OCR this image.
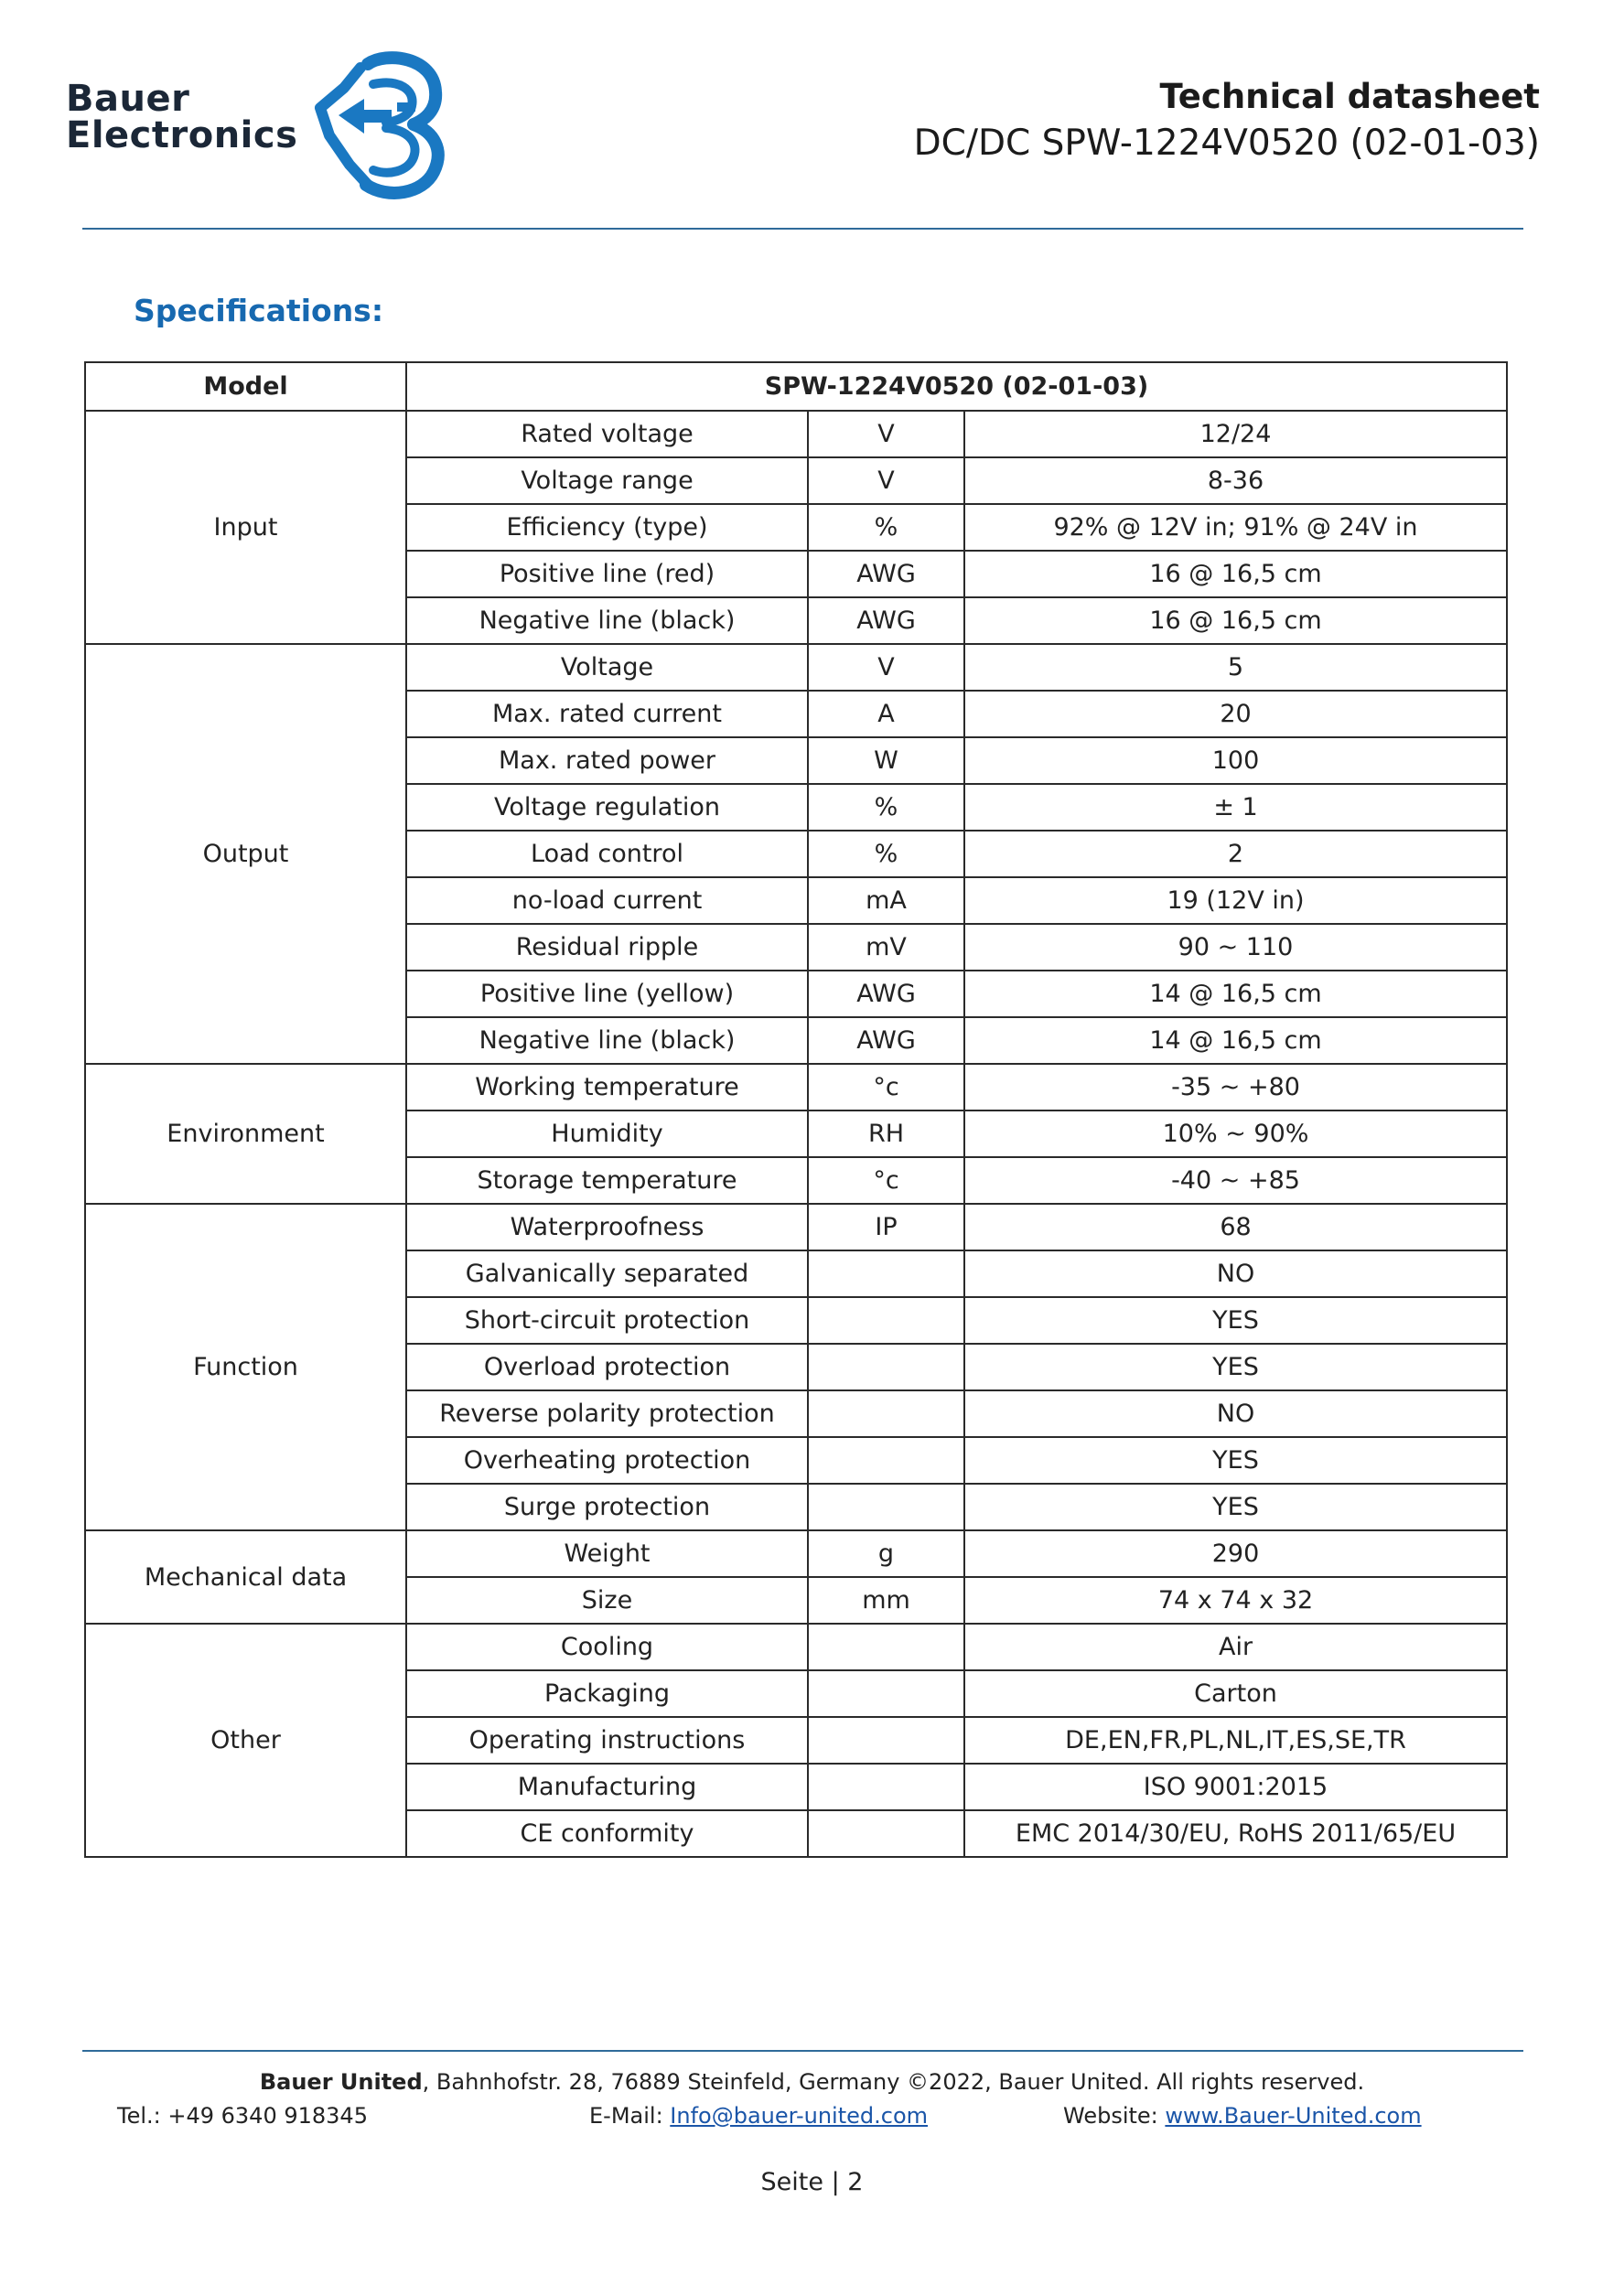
Bauer
Electronics
Technical datasheet
DC/DC SPW-1224V0520 (02-01-03)
Specifications:
Model	SPW-1224V0520 (02-01-03)		
Input	Rated voltage	V	12/24
	Voltage range	V	8-36
	Efficiency (type)	%	92% @ 12V in; 91% @ 24V in
	Positive line (red)	AWG	16 @ 16,5 cm
	Negative line (black)	AWG	16 @ 16,5 cm
Output	Voltage	V	5
	Max. rated current	A	20
	Max. rated power	W	100
	Voltage regulation	%	± 1
	Load control	%	2
	no-load current	mA	19 (12V in)
	Residual ripple	mV	90 ~ 110
	Positive line (yellow)	AWG	14 @ 16,5 cm
	Negative line (black)	AWG	14 @ 16,5 cm
Environment	Working temperature	°c	-35 ~ +80
	Humidity	RH	10% ~ 90%
	Storage temperature	°c	-40 ~ +85
Function	Waterproofness	IP	68
	Galvanically separated		NO
	Short-circuit protection		YES
	Overload protection		YES
	Reverse polarity protection		NO
	Overheating protection		YES
	Surge protection		YES
Mechanical data	Weight	g	290
	Size	mm	74 x 74 x 32
Other	Cooling		Air
	Packaging		Carton
	Operating instructions		DE,EN,FR,PL,NL,IT,ES,SE,TR
	Manufacturing		ISO 9001:2015
	CE conformity		EMC 2014/30/EU, RoHS 2011/65/EU
Bauer United, Bahnhofstr. 28, 76889 Steinfeld, Germany ©2022, Bauer United. All rights reserved.
Tel.: +49 6340 918345	E-Mail: Info@bauer-united.com	Website: www.Bauer-United.com
Seite | 2
